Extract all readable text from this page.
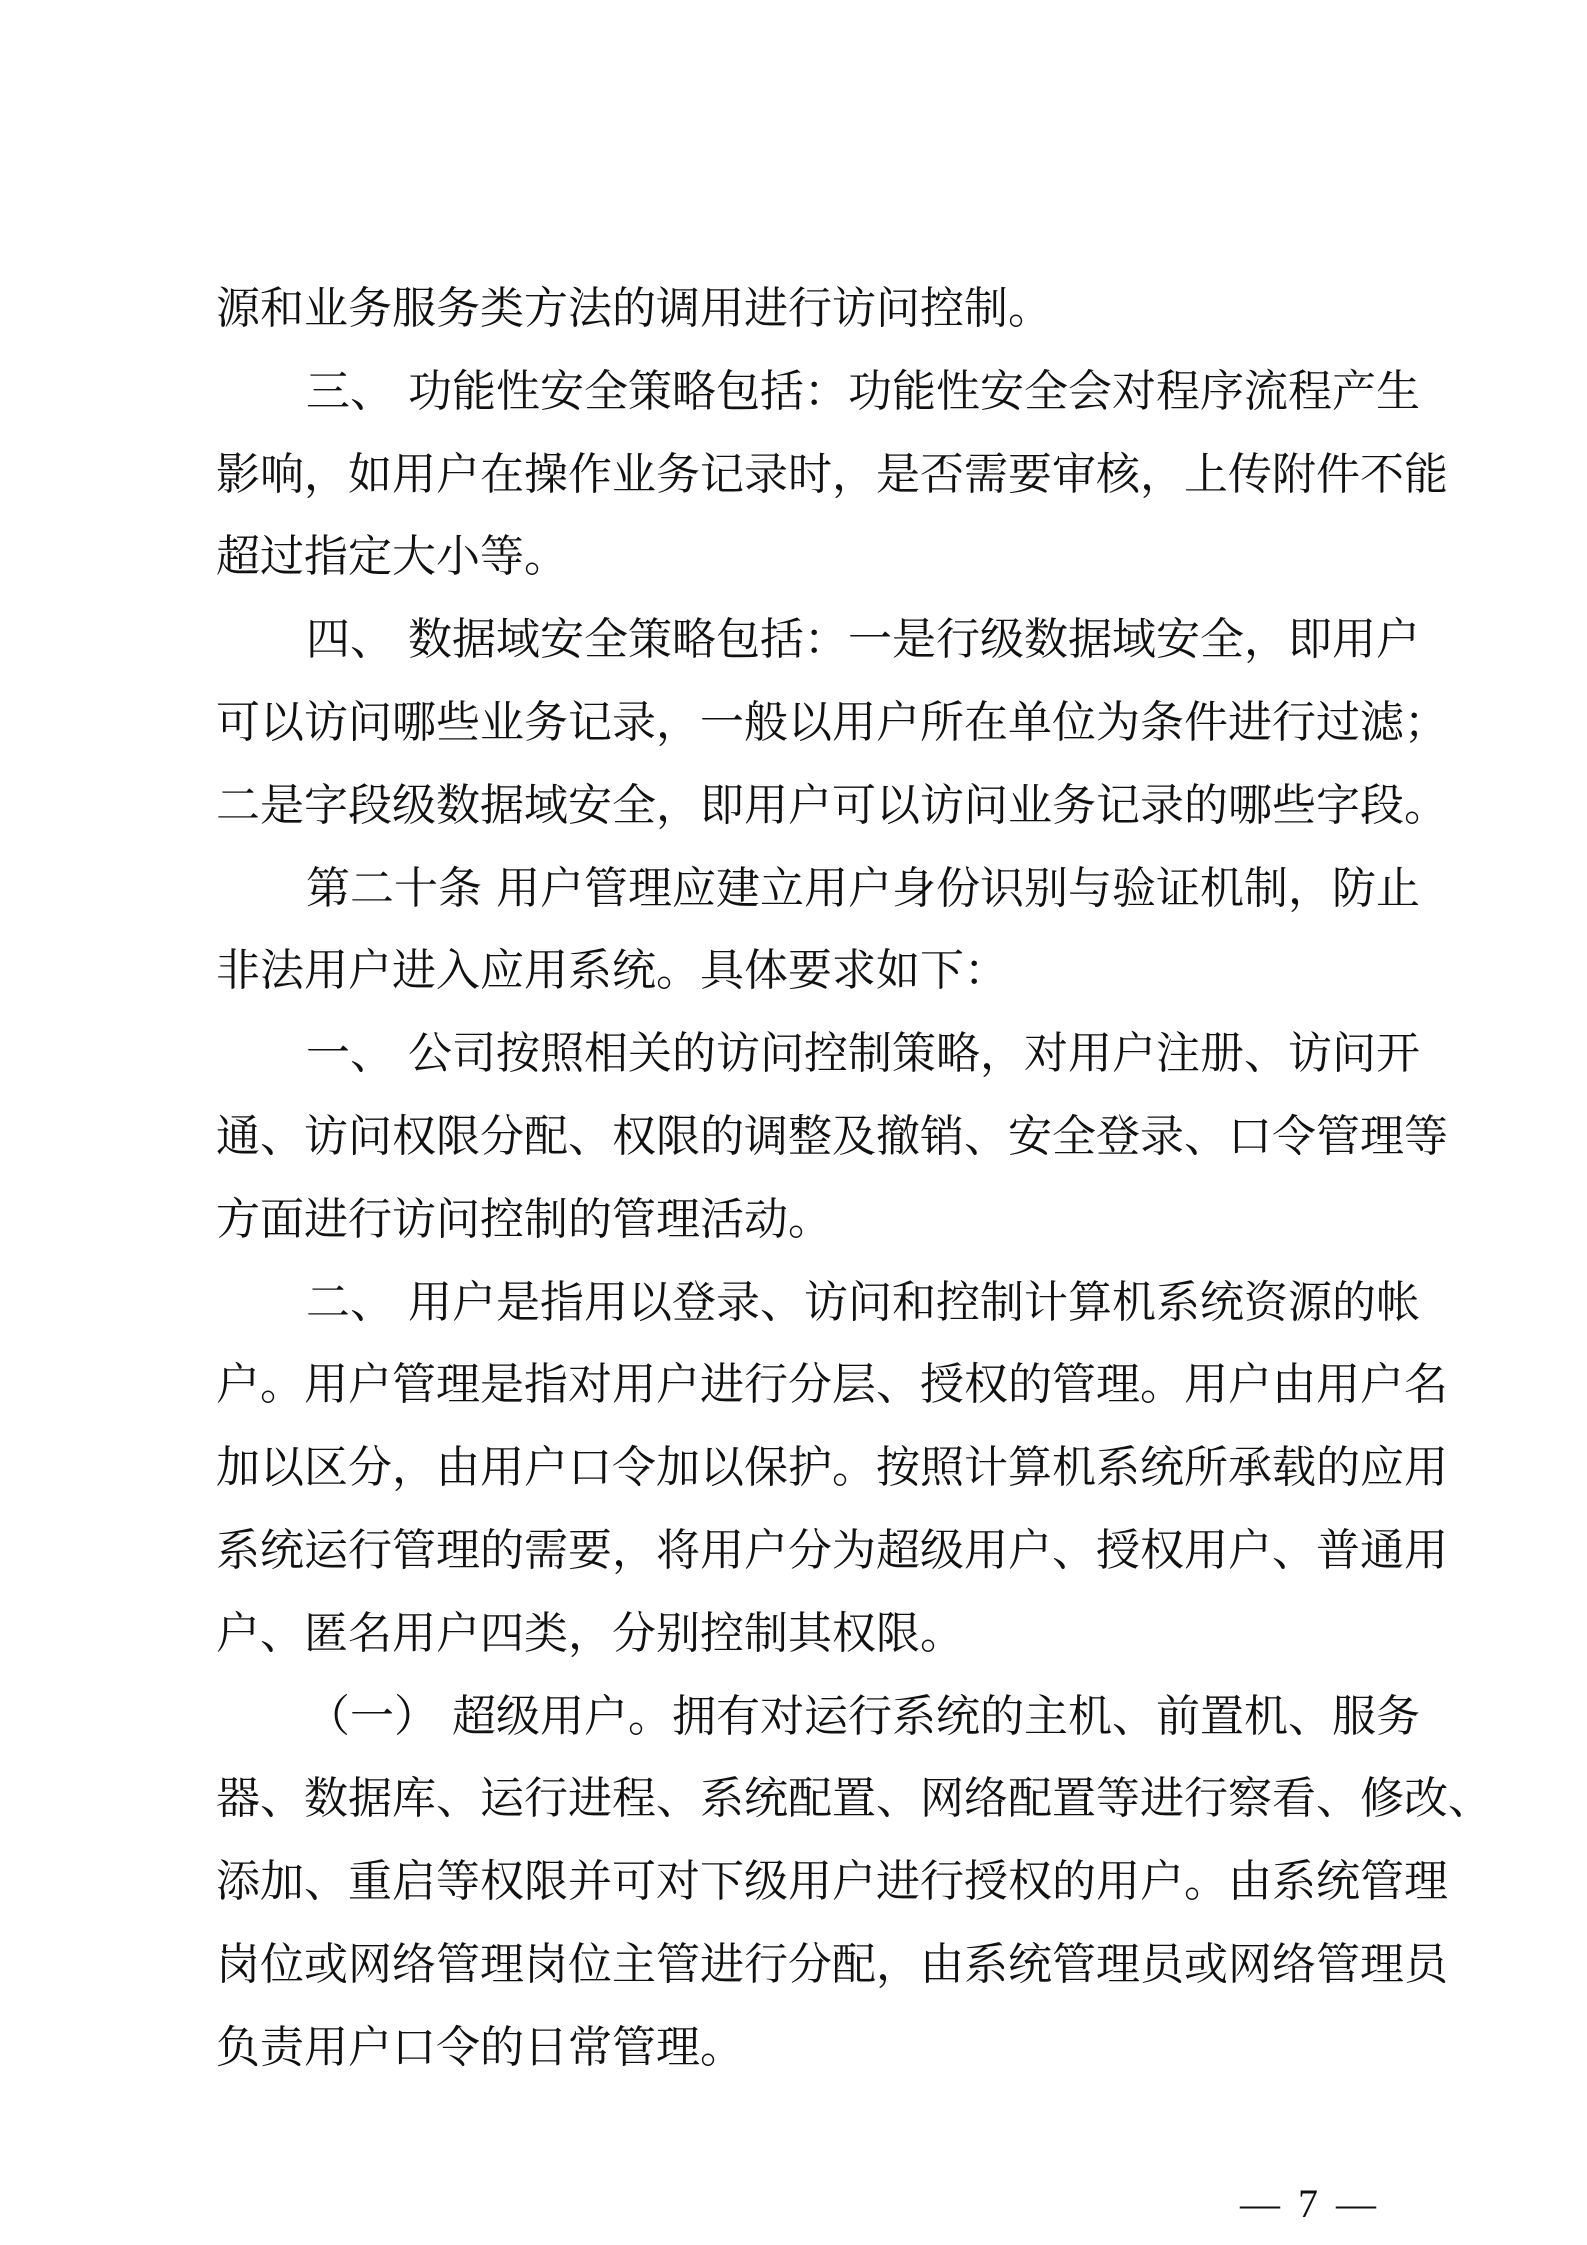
源和业务服务类方法的调用进行访问控制。
三、 功能性安全策略包括：功能性安全会对程序流程产生
影响，如用户在操作业务记录时，是否需要审核，上传附件不能
超过指定大小等。
四、 数据域安全策略包括：一是行级数据域安全，即用户
可以访问哪些业务记录，一般以用户所在单位为条件进行过滤；
二是字段级数据域安全，即用户可以访问业务记录的哪些字段。
第二十条 用户管理应建立用户身份识别与验证机制，防止
非法用户进入应用系统。具体要求如下：
一、 公司按照相关的访问控制策略，对用户注册、访问开
通、访问权限分配、权限的调整及撤销、安全登录、口令管理等
方面进行访问控制的管理活动。
二、 用户是指用以登录、访问和控制计算机系统资源的帐
户。用户管理是指对用户进行分层、授权的管理。用户由用户名
加以区分，由用户口令加以保护。按照计算机系统所承载的应用
系统运行管理的需要，将用户分为超级用户、授权用户、普通用
户、匿名用户四类，分别控制其权限。
（一） 超级用户。拥有对运行系统的主机、前置机、服务
器、数据库、运行进程、系统配置、网络配置等进行察看、修改、
添加、重启等权限并可对下级用户进行授权的用户。由系统管理
岗位或网络管理岗位主管进行分配，由系统管理员或网络管理员
负责用户口令的日常管理。
— 7 —
